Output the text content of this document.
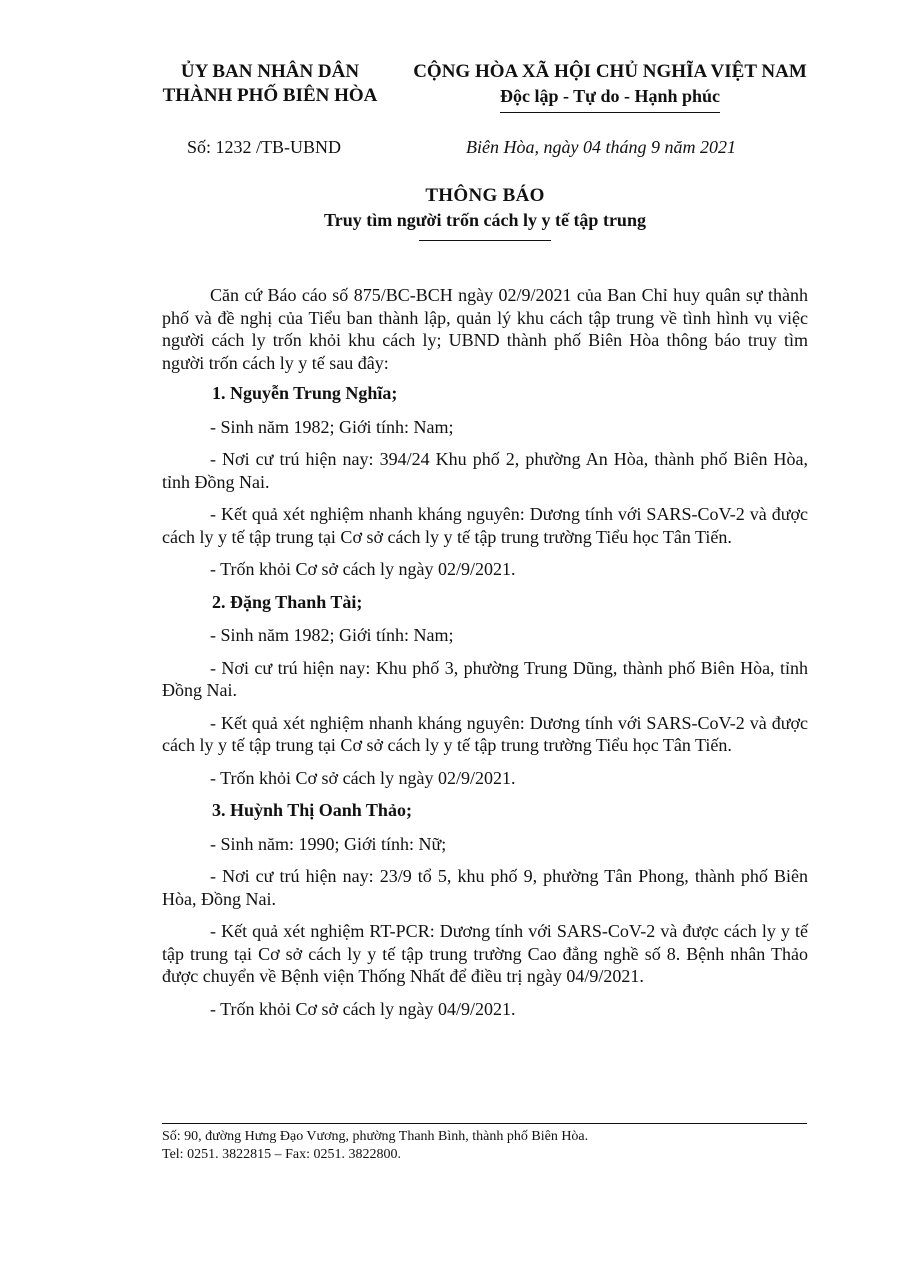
ỦY BAN NHÂN DÂN
THÀNH PHỐ BIÊN HÒA
CỘNG HÒA XÃ HỘI CHỦ NGHĨA VIỆT NAM
Độc lập - Tự do - Hạnh phúc
Số: 1232 /TB-UBND	Biên Hòa, ngày 04 tháng 9 năm 2021
THÔNG BÁO
Truy tìm người trốn cách ly y tế tập trung

Căn cứ Báo cáo số 875/BC-BCH ngày 02/9/2021 của Ban Chỉ huy quân sự thành phố và đề nghị của Tiểu ban thành lập, quản lý khu cách tập trung về tình hình vụ việc người cách ly trốn khỏi khu cách ly; UBND thành phố Biên Hòa thông báo truy tìm người trốn cách ly y tế sau đây:

1. Nguyễn Trung Nghĩa;

- Sinh năm 1982; Giới tính: Nam;

- Nơi cư trú hiện nay: 394/24 Khu phố 2, phường An Hòa, thành phố Biên Hòa, tỉnh Đồng Nai.

- Kết quả xét nghiệm nhanh kháng nguyên: Dương tính với SARS-CoV-2 và được cách ly y tế tập trung tại Cơ sở cách ly y tế tập trung trường Tiểu học Tân Tiến.

- Trốn khỏi Cơ sở cách ly ngày 02/9/2021.

2. Đặng Thanh Tài;

- Sinh năm 1982; Giới tính: Nam;

- Nơi cư trú hiện nay: Khu phố 3, phường Trung Dũng, thành phố Biên Hòa, tỉnh Đồng Nai.

- Kết quả xét nghiệm nhanh kháng nguyên: Dương tính với SARS-CoV-2 và được cách ly y tế tập trung tại Cơ sở cách ly y tế tập trung trường Tiểu học Tân Tiến.

- Trốn khỏi Cơ sở cách ly ngày 02/9/2021.

3. Huỳnh Thị Oanh Thảo;

- Sinh năm: 1990; Giới tính: Nữ;

- Nơi cư trú hiện nay: 23/9 tổ 5, khu phố 9, phường Tân Phong, thành phố Biên Hòa, Đồng Nai.

- Kết quả xét nghiệm RT-PCR: Dương tính với SARS-CoV-2 và được cách ly y tế tập trung tại Cơ sở cách ly y tế tập trung trường Cao đẳng nghề số 8. Bệnh nhân Thảo được chuyển về Bệnh viện Thống Nhất để điều trị ngày 04/9/2021.

- Trốn khỏi Cơ sở cách ly ngày 04/9/2021.

Số: 90, đường Hưng Đạo Vương, phường Thanh Bình, thành phố Biên Hòa.
Tel: 0251. 3822815 – Fax: 0251. 3822800.
